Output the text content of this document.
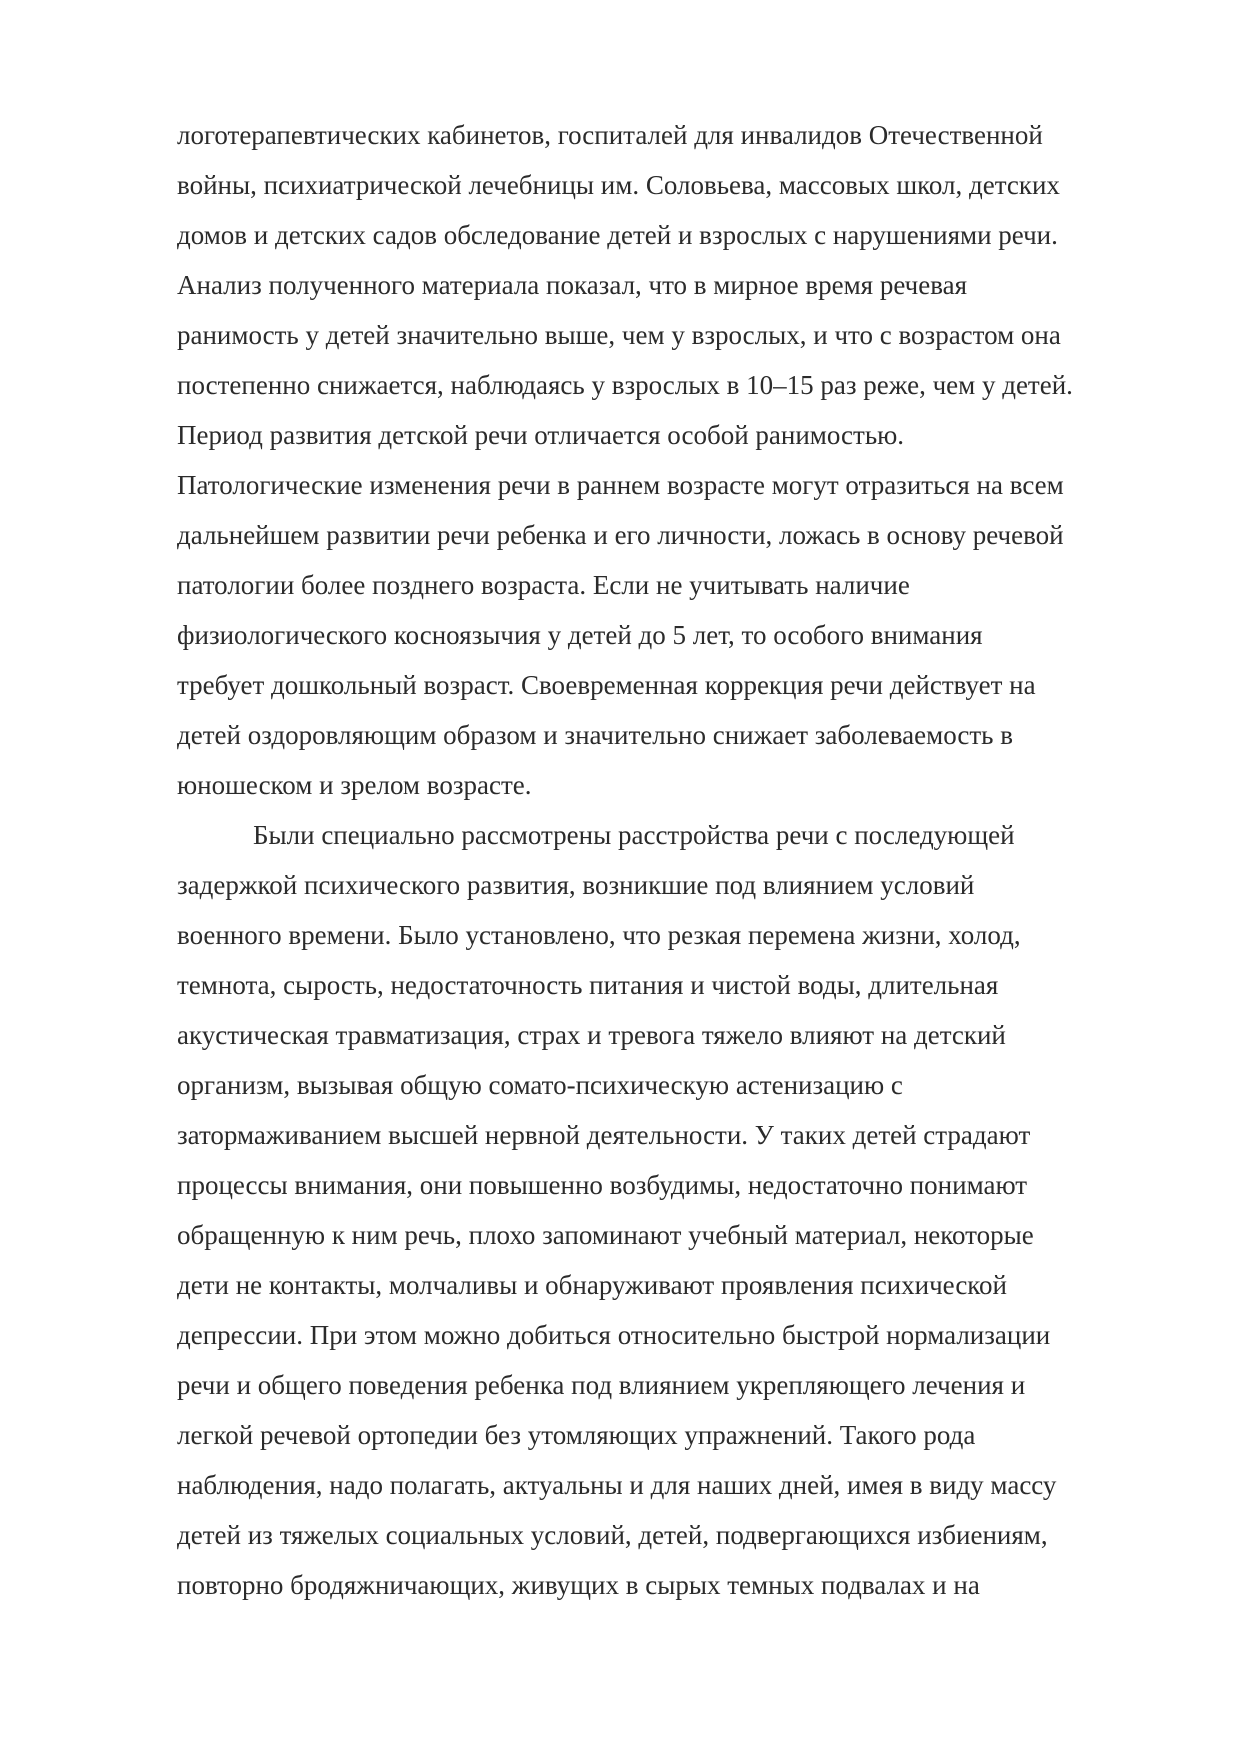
логотерапевтических кабинетов, госпиталей для инвалидов Отечественной
войны, психиатрической лечебницы им. Соловьева, массовых школ, детских
домов и детских садов обследование детей и взрослых с нарушениями речи.
Анализ полученного материала показал, что в мирное время речевая
ранимость у детей значительно выше, чем у взрослых, и что с возрастом она
постепенно снижается, наблюдаясь у взрослых в 10–15 раз реже, чем у детей.
Период развития детской речи отличается особой ранимостью.
Патологические изменения речи в раннем возрасте могут отразиться на всем
дальнейшем развитии речи ребенка и его личности, ложась в основу речевой
патологии более позднего возраста. Если не учитывать наличие
физиологического косноязычия у детей до 5 лет, то особого внимания
требует дошкольный возраст. Своевременная коррекция речи действует на
детей оздоровляющим образом и значительно снижает заболеваемость в
юношеском и зрелом возрасте.
Были специально рассмотрены расстройства речи с последующей
задержкой психического развития, возникшие под влиянием условий
военного времени. Было установлено, что резкая перемена жизни, холод,
темнота, сырость, недостаточность питания и чистой воды, длительная
акустическая травматизация, страх и тревога тяжело влияют на детский
организм, вызывая общую сомато-психическую астенизацию с
затормаживанием высшей нервной деятельности. У таких детей страдают
процессы внимания, они повышенно возбудимы, недостаточно понимают
обращенную к ним речь, плохо запоминают учебный материал, некоторые
дети не контакты, молчаливы и обнаруживают проявления психической
депрессии. При этом можно добиться относительно быстрой нормализации
речи и общего поведения ребенка под влиянием укрепляющего лечения и
легкой речевой ортопедии без утомляющих упражнений. Такого рода
наблюдения, надо полагать, актуальны и для наших дней, имея в виду массу
детей из тяжелых социальных условий, детей, подвергающихся избиениям,
повторно бродяжничающих, живущих в сырых темных подвалах и на
